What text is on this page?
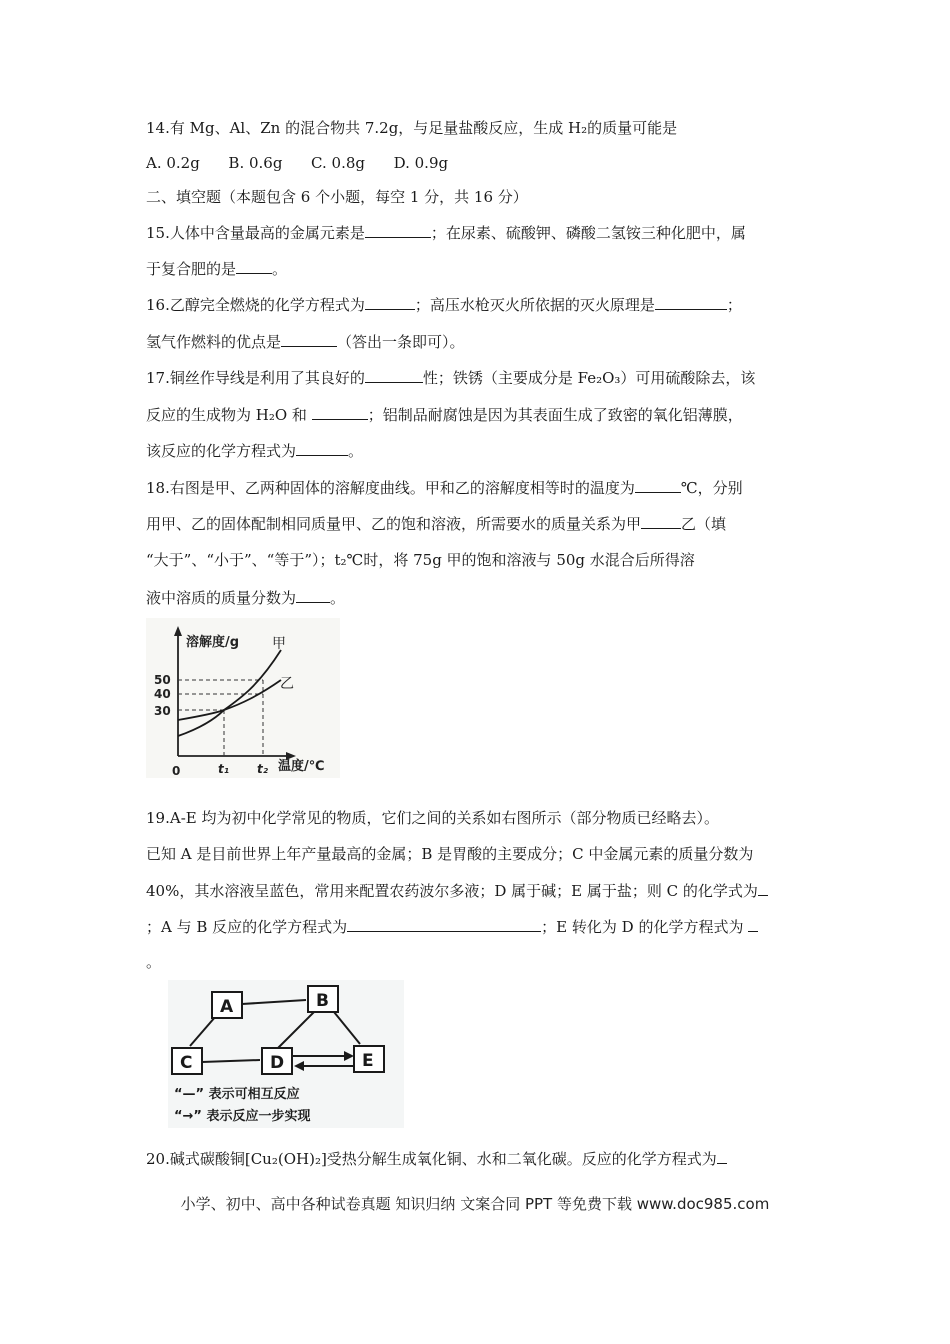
14.有 Mg、Al、Zn 的混合物共 7.2g，与足量盐酸反应，生成 H₂的质量可能是
A. 0.2g      B. 0.6g      C. 0.8g      D. 0.9g
二、填空题（本题包含 6 个小题，每空 1 分，共 16 分）
15.人体中含量最高的金属元素是	；在尿素、硫酸钾、磷酸二氢铵三种化肥中，属
于复合肥的是 。
16.乙醇完全燃烧的化学方程式为	；高压水枪灭火所依据的灭火原理是	；
氢气作燃料的优点是	（答出一条即可）。
17.铜丝作导线是利用了其良好的	性；铁锈（主要成分是 Fe₂O₃）可用硫酸除去，该
反应的生成物为 H₂O 和	；铝制品耐腐蚀是因为其表面生成了致密的氧化铝薄膜，
该反应的化学方程式为	。
18.右图是甲、乙两种固体的溶解度曲线。甲和乙的溶解度相等时的温度为	℃，分别
用甲、乙的固体配制相同质量甲、乙的饱和溶液，所需要水的质量关系为甲	乙（填
“大于”、“小于”、“等于”）；t₂℃时，将 75g 甲的饱和溶液与 50g 水混合后所得溶
液中溶质的质量分数为 。
溶解度/g 甲
乙
50
40
30
0	t₁ t₂ 温度/℃
19.A-E 均为初中化学常见的物质，它们之间的关系如右图所示（部分物质已经略去）。
已知 A 是目前世界上年产量最高的金属；B 是胃酸的主要成分；C 中金属元素的质量分数为
40%，其水溶液呈蓝色，常用来配置农药波尔多液；D 属于碱；E 属于盐；则 C 的化学式为
；A 与 B 反应的化学方程式为	；E 转化为 D 的化学方程式为
。
A	B
C	D	E
“—” 表示可相互反应
“→” 表示反应一步实现
20.碱式碳酸铜[Cu₂(OH)₂]受热分解生成氧化铜、水和二氧化碳。反应的化学方程式为
小学、初中、高中各种试卷真题 知识归纳 文案合同 PPT 等免费下载 www.doc985.com
